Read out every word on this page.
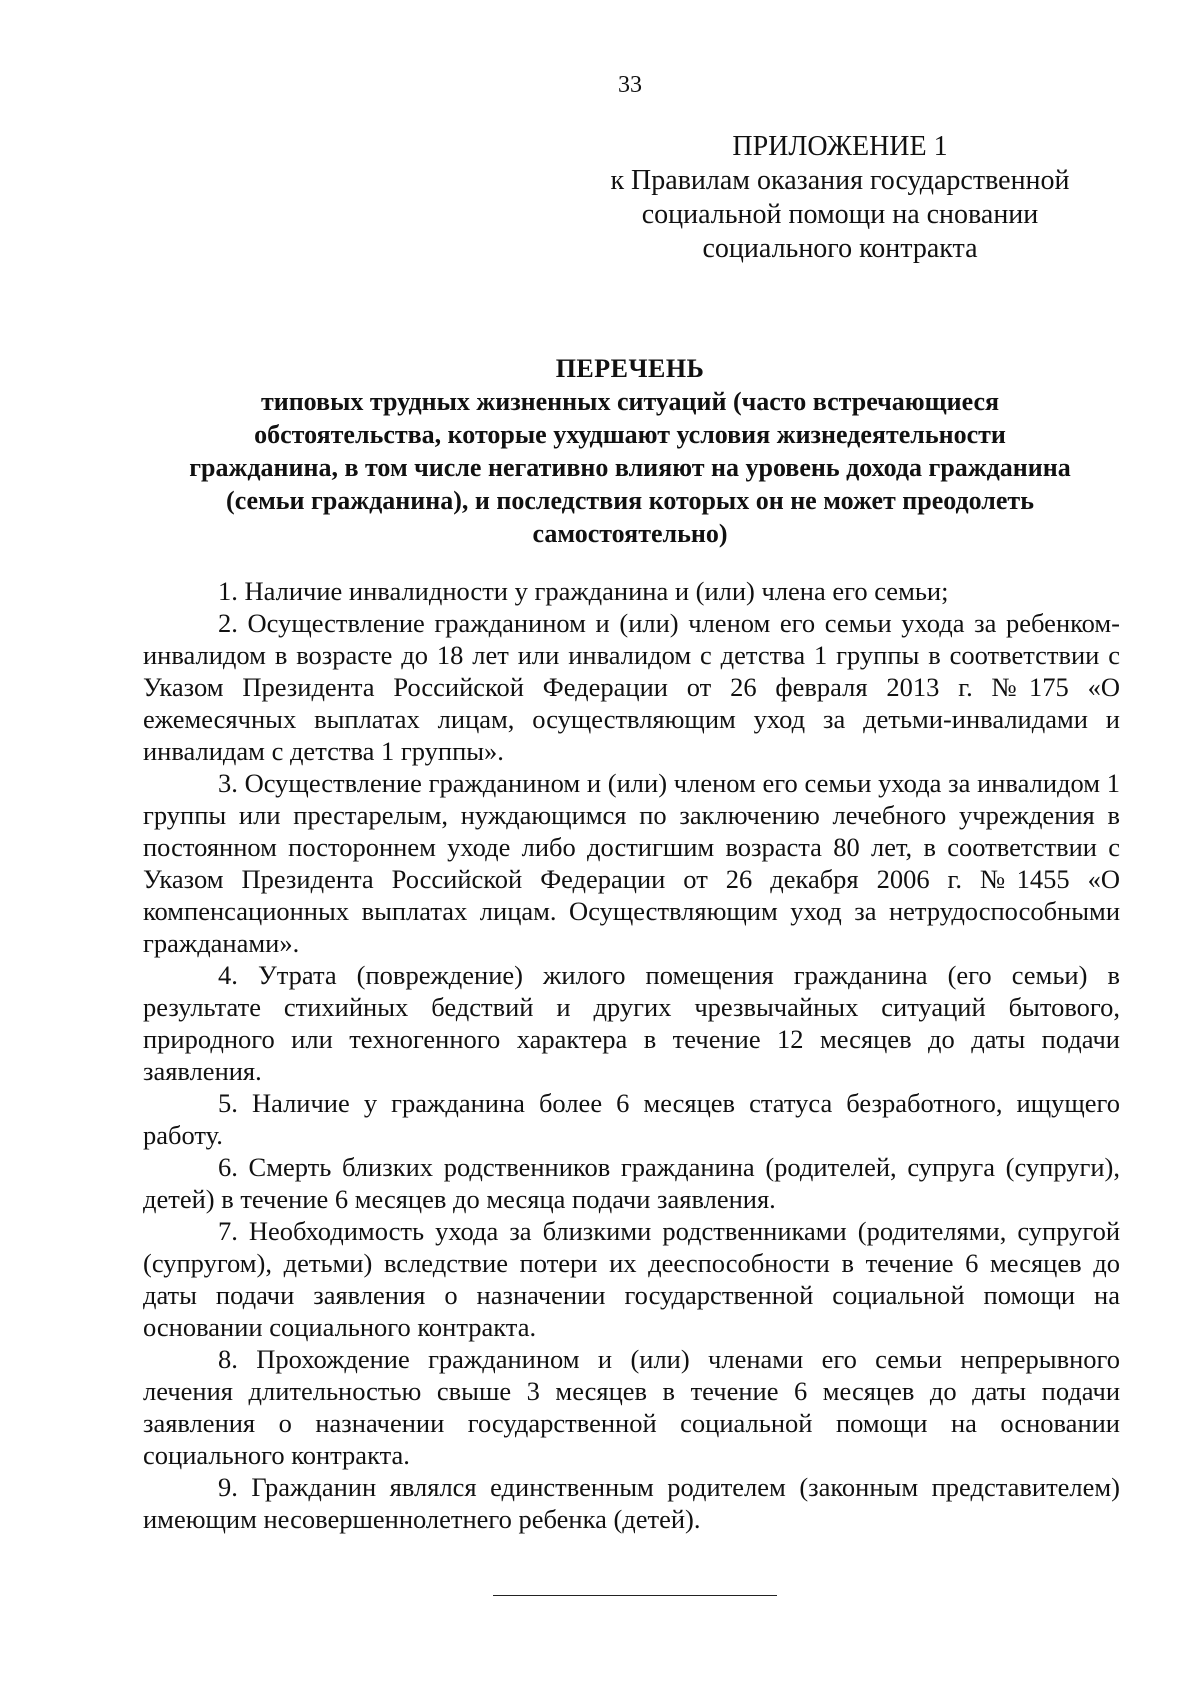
33
ПРИЛОЖЕНИЕ 1
к Правилам оказания государственной
социальной помощи на сновании
социального контракта
ПЕРЕЧЕНЬ
типовых трудных жизненных ситуаций (часто встречающиеся
обстоятельства, которые ухудшают условия жизнедеятельности
гражданина, в том числе негативно влияют на уровень дохода гражданина
(семьи гражданина), и последствия которых он не может преодолеть
самостоятельно)

1. Наличие инвалидности у гражданина и (или) члена его семьи;

2. Осуществление гражданином и (или) членом его семьи ухода за ребенком-инвалидом в возрасте до 18 лет или инвалидом с детства 1 группы в соответствии с Указом Президента Российской Федерации от 26 февраля 2013 г. №175 «О ежемесячных выплатах лицам, осуществляющим уход за детьми-инвалидами и инвалидам с детства 1 группы».

3. Осуществление гражданином и (или) членом его семьи ухода за инвалидом 1 группы или престарелым, нуждающимся по заключению лечебного учреждения в постоянном постороннем уходе либо достигшим возраста 80 лет, в соответствии с Указом Президента Российской Федерации от 26 декабря 2006 г. №1455 «О компенсационных выплатах лицам. Осуществляющим уход за нетрудоспособными гражданами».

4. Утрата (повреждение) жилого помещения гражданина (его семьи) в результате стихийных бедствий и других чрезвычайных ситуаций бытового, природного или техногенного характера в течение 12 месяцев до даты подачи заявления.

5. Наличие у гражданина более 6 месяцев статуса безработного, ищущего работу.

6. Смерть близких родственников гражданина (родителей, супруга (супруги), детей) в течение 6 месяцев до месяца подачи заявления.

7. Необходимость ухода за близкими родственниками (родителями, супругой (супругом), детьми) вследствие потери их дееспособности в течение 6 месяцев до даты подачи заявления о назначении государственной социальной помощи на основании социального контракта.

8. Прохождение гражданином и (или) членами его семьи непрерывного лечения длительностью свыше 3 месяцев в течение 6 месяцев до даты подачи заявления о назначении государственной социальной помощи на основании социального контракта.

9. Гражданин являлся единственным родителем (законным представителем) имеющим несовершеннолетнего ребенка (детей).
